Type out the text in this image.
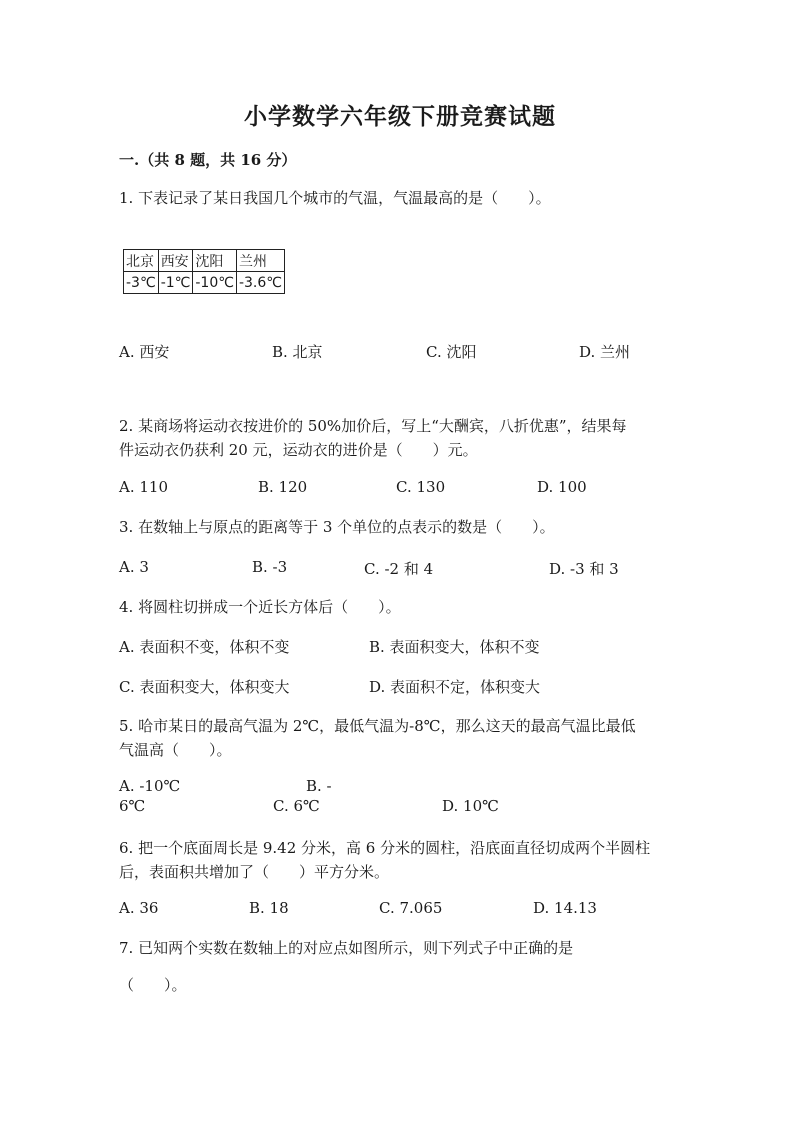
小学数学六年级下册竞赛试题
一.（共 8 题，共 16 分）
1. 下表记录了某日我国几个城市的气温，气温最高的是（　　）。
北京	西安	沈阳	兰州
-3℃	-1℃	-10℃	-3.6℃
A. 西安	B. 北京	C. 沈阳	D. 兰州
2. 某商场将运动衣按进价的 50%加价后，写上“大酬宾，八折优惠”，结果每
件运动衣仍获利 20 元，运动衣的进价是（　　）元。
A. 110	B. 120	C. 130	D. 100
3. 在数轴上与原点的距离等于 3 个单位的点表示的数是（　　）。
A. 3	B. -3	C. -2 和 4	D. -3 和 3
4. 将圆柱切拼成一个近长方体后（　　）。
A. 表面积不变，体积不变	B. 表面积变大，体积不变
C. 表面积变大，体积变大	D. 表面积不定，体积变大
5. 哈市某日的最高气温为 2℃，最低气温为-8℃，那么这天的最高气温比最低
气温高（　　）。
A. -10℃	B. -
6℃	C. 6℃	D. 10℃
6. 把一个底面周长是 9.42 分米，高 6 分米的圆柱，沿底面直径切成两个半圆柱
后，表面积共增加了（　　）平方分米。
A. 36	B. 18	C. 7.065	D. 14.13
7. 已知两个实数在数轴上的对应点如图所示，则下列式子中正确的是
（　　）。
